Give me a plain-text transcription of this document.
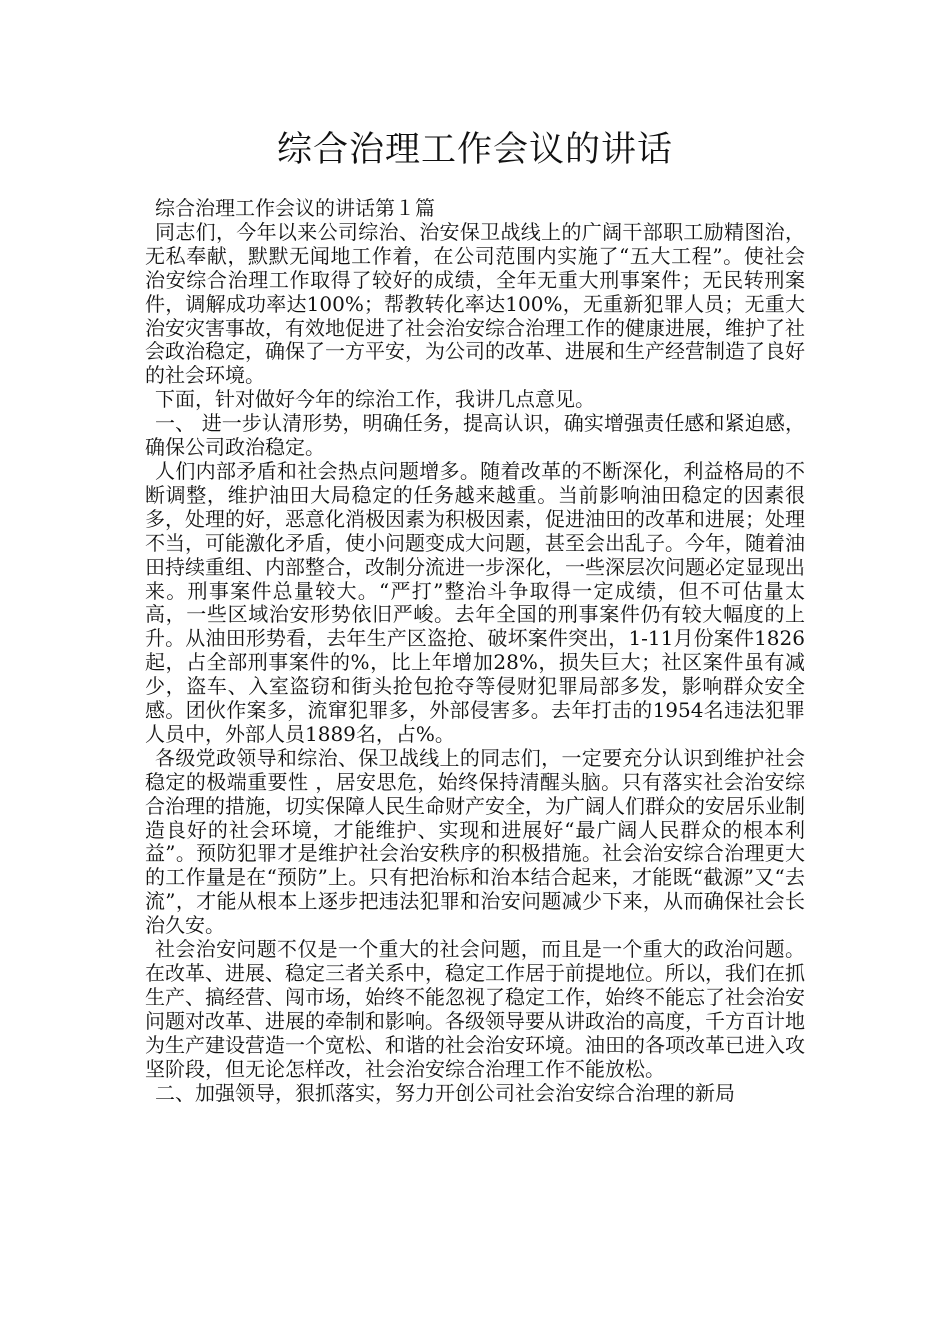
综合治理工作会议的讲话

综合治理工作会议的讲话第１篇

同志们，今年以来公司综治、治安保卫战线上的广阔干部职工励精图治，无私奉献，默默无闻地工作着，在公司范围内实施了“五大工程”。使社会治安综合治理工作取得了较好的成绩，全年无重大刑事案件；无民转刑案件，调解成功率达100%；帮教转化率达100%，无重新犯罪人员；无重大治安灾害事故，有效地促进了社会治安综合治理工作的健康进展，维护了社会政治稳定，确保了一方平安，为公司的改革、进展和生产经营制造了良好的社会环境。

下面，针对做好今年的综治工作，我讲几点意见。

一、 进一步认清形势，明确任务，提高认识，确实增强责任感和紧迫感，确保公司政治稳定。

人们内部矛盾和社会热点问题增多。随着改革的不断深化，利益格局的不断调整，维护油田大局稳定的任务越来越重。当前影响油田稳定的因素很多，处理的好，恶意化消极因素为积极因素，促进油田的改革和进展；处理不当，可能激化矛盾，使小问题变成大问题，甚至会出乱子。今年，随着油田持续重组、内部整合，改制分流进一步深化，一些深层次问题必定显现出来。刑事案件总量较大。“严打”整治斗争取得一定成绩，但不可估量太高，一些区域治安形势依旧严峻。去年全国的刑事案件仍有较大幅度的上升。从油田形势看，去年生产区盗抢、破坏案件突出，1-11月份案件1826起，占全部刑事案件的%，比上年增加28%，损失巨大；社区案件虽有减少，盗车、入室盗窃和街头抢包抢夺等侵财犯罪局部多发，影响群众安全感。团伙作案多，流窜犯罪多，外部侵害多。去年打击的1954名违法犯罪人员中，外部人员1889名，占%。

各级党政领导和综治、保卫战线上的同志们，一定要充分认识到维护社会稳定的极端重要性 ，居安思危，始终保持清醒头脑。只有落实社会治安综合治理的措施，切实保障人民生命财产安全，为广阔人们群众的安居乐业制造良好的社会环境，才能维护、实现和进展好“最广阔人民群众的根本利益”。预防犯罪才是维护社会治安秩序的积极措施。社会治安综合治理更大的工作量是在“预防”上。只有把治标和治本结合起来，才能既“截源”又“去流”，才能从根本上逐步把违法犯罪和治安问题减少下来，从而确保社会长治久安。

社会治安问题不仅是一个重大的社会问题，而且是一个重大的政治问题。在改革、进展、稳定三者关系中，稳定工作居于前提地位。所以，我们在抓生产、搞经营、闯市场，始终不能忽视了稳定工作，始终不能忘了社会治安问题对改革、进展的牵制和影响。各级领导要从讲政治的高度，千方百计地为生产建设营造一个宽松、和谐的社会治安环境。油田的各项改革已进入攻坚阶段，但无论怎样改，社会治安综合治理工作不能放松。

二、加强领导，狠抓落实，努力开创公司社会治安综合治理的新局
